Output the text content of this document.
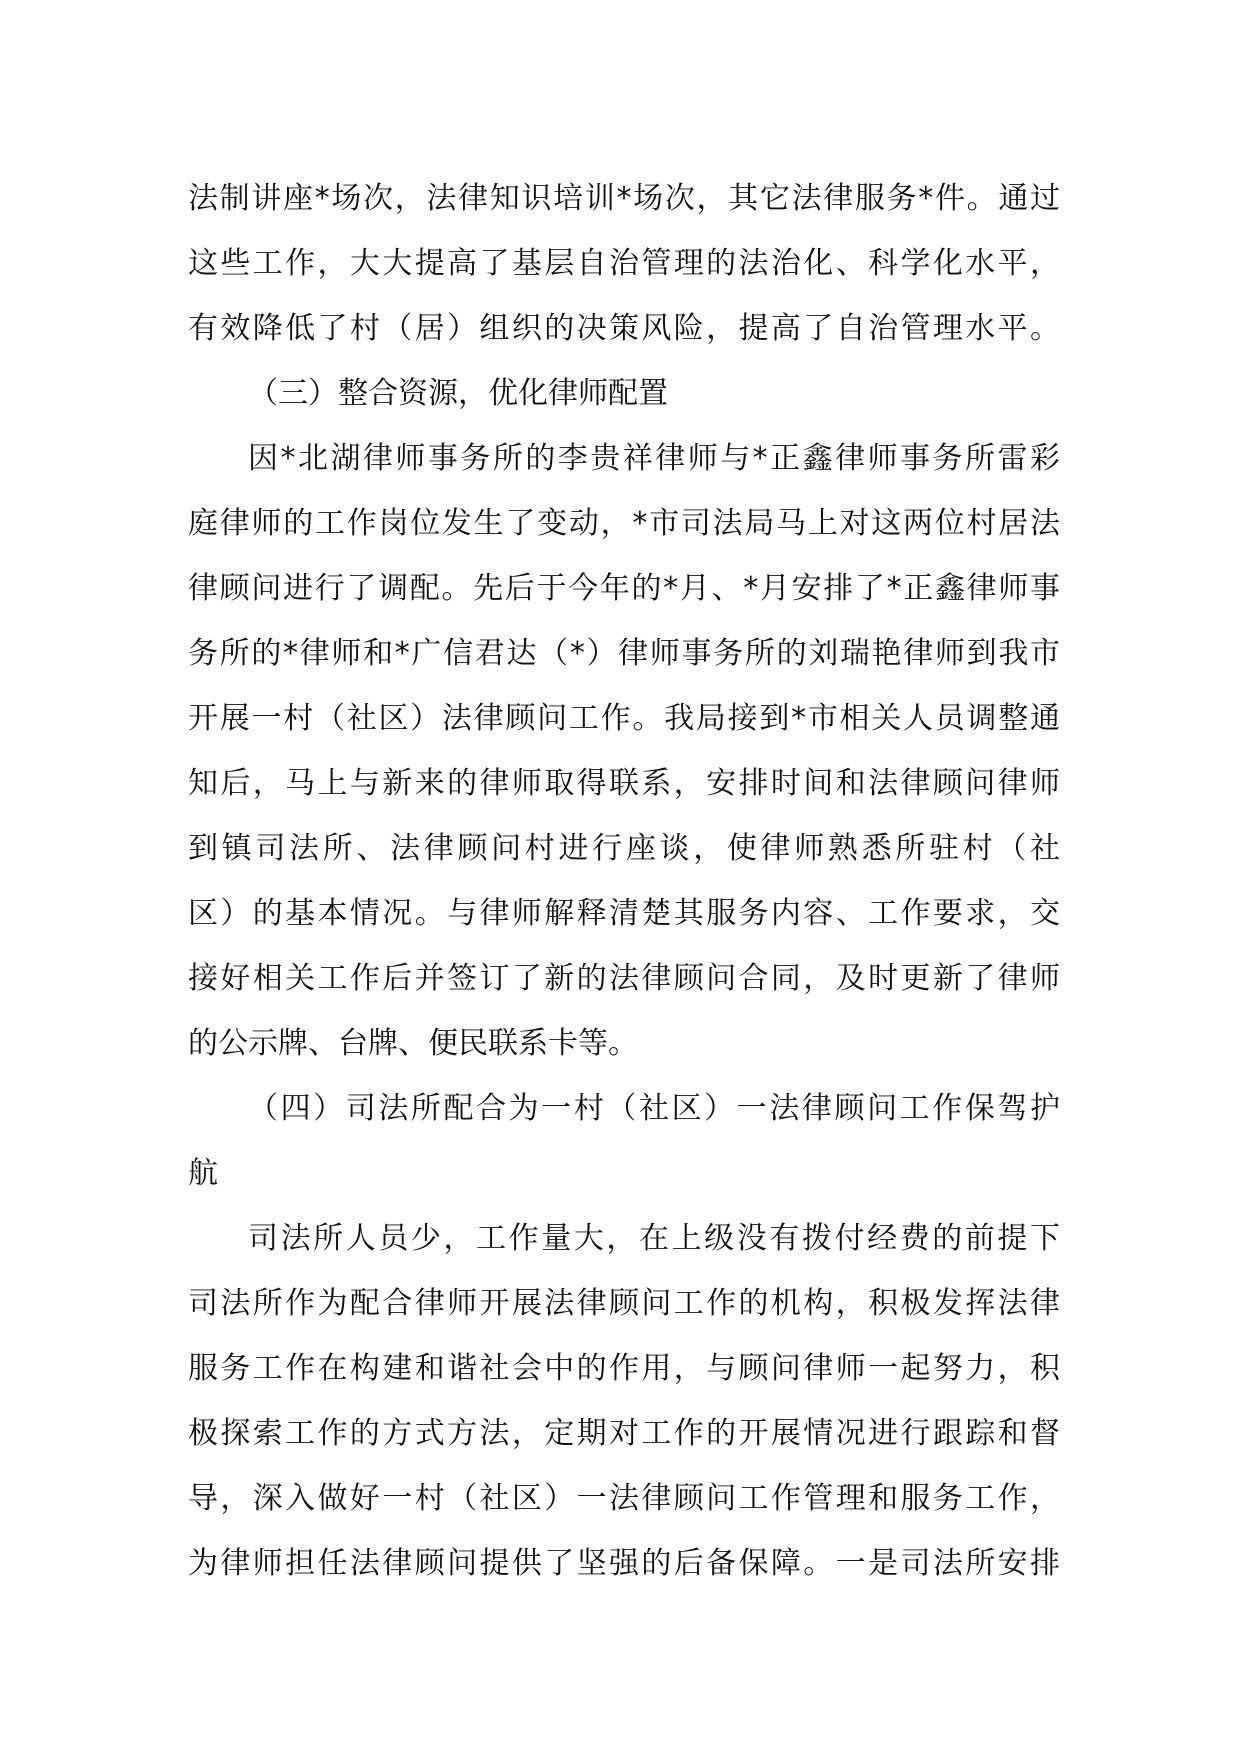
法制讲座*场次，法律知识培训*场次，其它法律服务*件。通过
这些工作，大大提高了基层自治管理的法治化、科学化水平，
有效降低了村（居）组织的决策风险，提高了自治管理水平。
（三）整合资源，优化律师配置
因*北湖律师事务所的李贵祥律师与*正鑫律师事务所雷彩
庭律师的工作岗位发生了变动，*市司法局马上对这两位村居法
律顾问进行了调配。先后于今年的*月、*月安排了*正鑫律师事
务所的*律师和*广信君达（*）律师事务所的刘瑞艳律师到我市
开展一村（社区）法律顾问工作。我局接到*市相关人员调整通
知后，马上与新来的律师取得联系，安排时间和法律顾问律师
到镇司法所、法律顾问村进行座谈，使律师熟悉所驻村（社
区）的基本情况。与律师解释清楚其服务内容、工作要求，交
接好相关工作后并签订了新的法律顾问合同，及时更新了律师
的公示牌、台牌、便民联系卡等。
（四）司法所配合为一村（社区）一法律顾问工作保驾护
航
司法所人员少，工作量大，在上级没有拨付经费的前提下
司法所作为配合律师开展法律顾问工作的机构，积极发挥法律
服务工作在构建和谐社会中的作用，与顾问律师一起努力，积
极探索工作的方式方法，定期对工作的开展情况进行跟踪和督
导，深入做好一村（社区）一法律顾问工作管理和服务工作，
为律师担任法律顾问提供了坚强的后备保障。一是司法所安排
